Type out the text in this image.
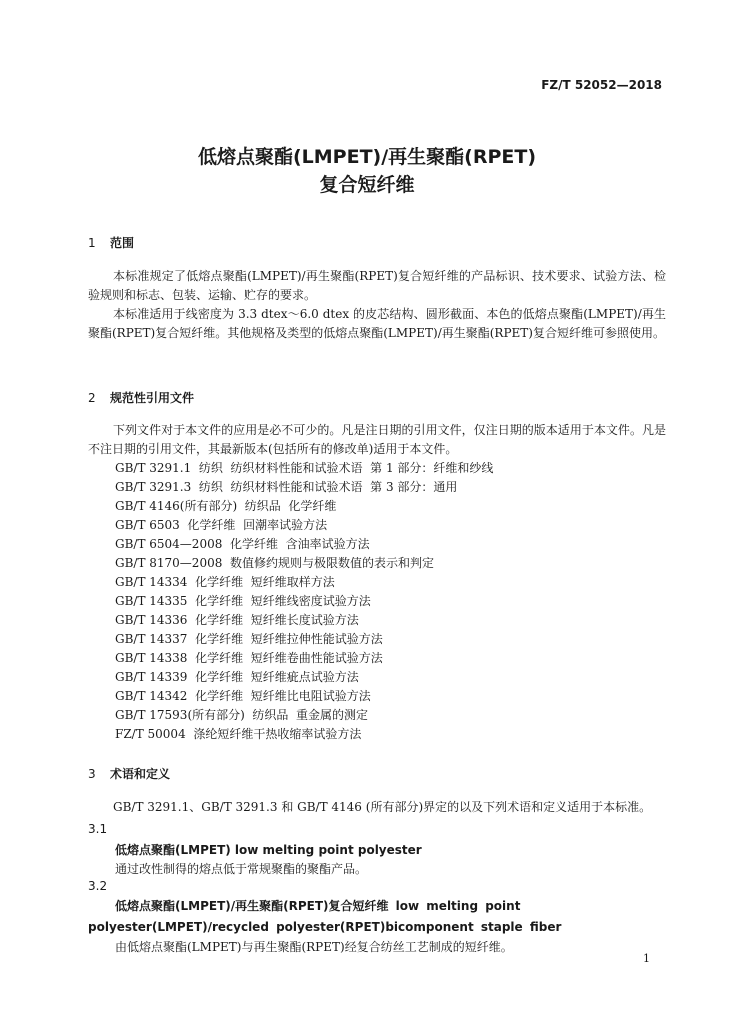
FZ/T 52052—2018
低熔点聚酯(LMPET)/再生聚酯(RPET)
复合短纤维
1 范围
本标准规定了低熔点聚酯(LMPET)/再生聚酯(RPET)复合短纤维的产品标识、技术要求、试验方法、检验规则和标志、包装、运输、贮存的要求。
本标准适用于线密度为 3.3 dtex～6.0 dtex 的皮芯结构、圆形截面、本色的低熔点聚酯(LMPET)/再生聚酯(RPET)复合短纤维。其他规格及类型的低熔点聚酯(LMPET)/再生聚酯(RPET)复合短纤维可参照使用。
2 规范性引用文件
下列文件对于本文件的应用是必不可少的。凡是注日期的引用文件，仅注日期的版本适用于本文件。凡是不注日期的引用文件，其最新版本(包括所有的修改单)适用于本文件。
GB/T 3291.1  纺织  纺织材料性能和试验术语  第 1 部分：纤维和纱线
GB/T 3291.3  纺织  纺织材料性能和试验术语  第 3 部分：通用
GB/T 4146(所有部分)  纺织品  化学纤维
GB/T 6503  化学纤维  回潮率试验方法
GB/T 6504—2008  化学纤维  含油率试验方法
GB/T 8170—2008  数值修约规则与极限数值的表示和判定
GB/T 14334  化学纤维  短纤维取样方法
GB/T 14335  化学纤维  短纤维线密度试验方法
GB/T 14336  化学纤维  短纤维长度试验方法
GB/T 14337  化学纤维  短纤维拉伸性能试验方法
GB/T 14338  化学纤维  短纤维卷曲性能试验方法
GB/T 14339  化学纤维  短纤维疵点试验方法
GB/T 14342  化学纤维  短纤维比电阻试验方法
GB/T 17593(所有部分)  纺织品  重金属的测定
FZ/T 50004  涤纶短纤维干热收缩率试验方法
3 术语和定义
GB/T 3291.1、GB/T 3291.3 和 GB/T 4146 (所有部分)界定的以及下列术语和定义适用于本标准。
3.1
低熔点聚酯(LMPET) low melting point polyester
通过改性制得的熔点低于常规聚酯的聚酯产品。
3.2
低熔点聚酯(LMPET)/再生聚酯(RPET)复合短纤维 low melting point polyester(LMPET)/recycled polyester(RPET)bicomponent staple fiber
由低熔点聚酯(LMPET)与再生聚酯(RPET)经复合纺丝工艺制成的短纤维。
1
